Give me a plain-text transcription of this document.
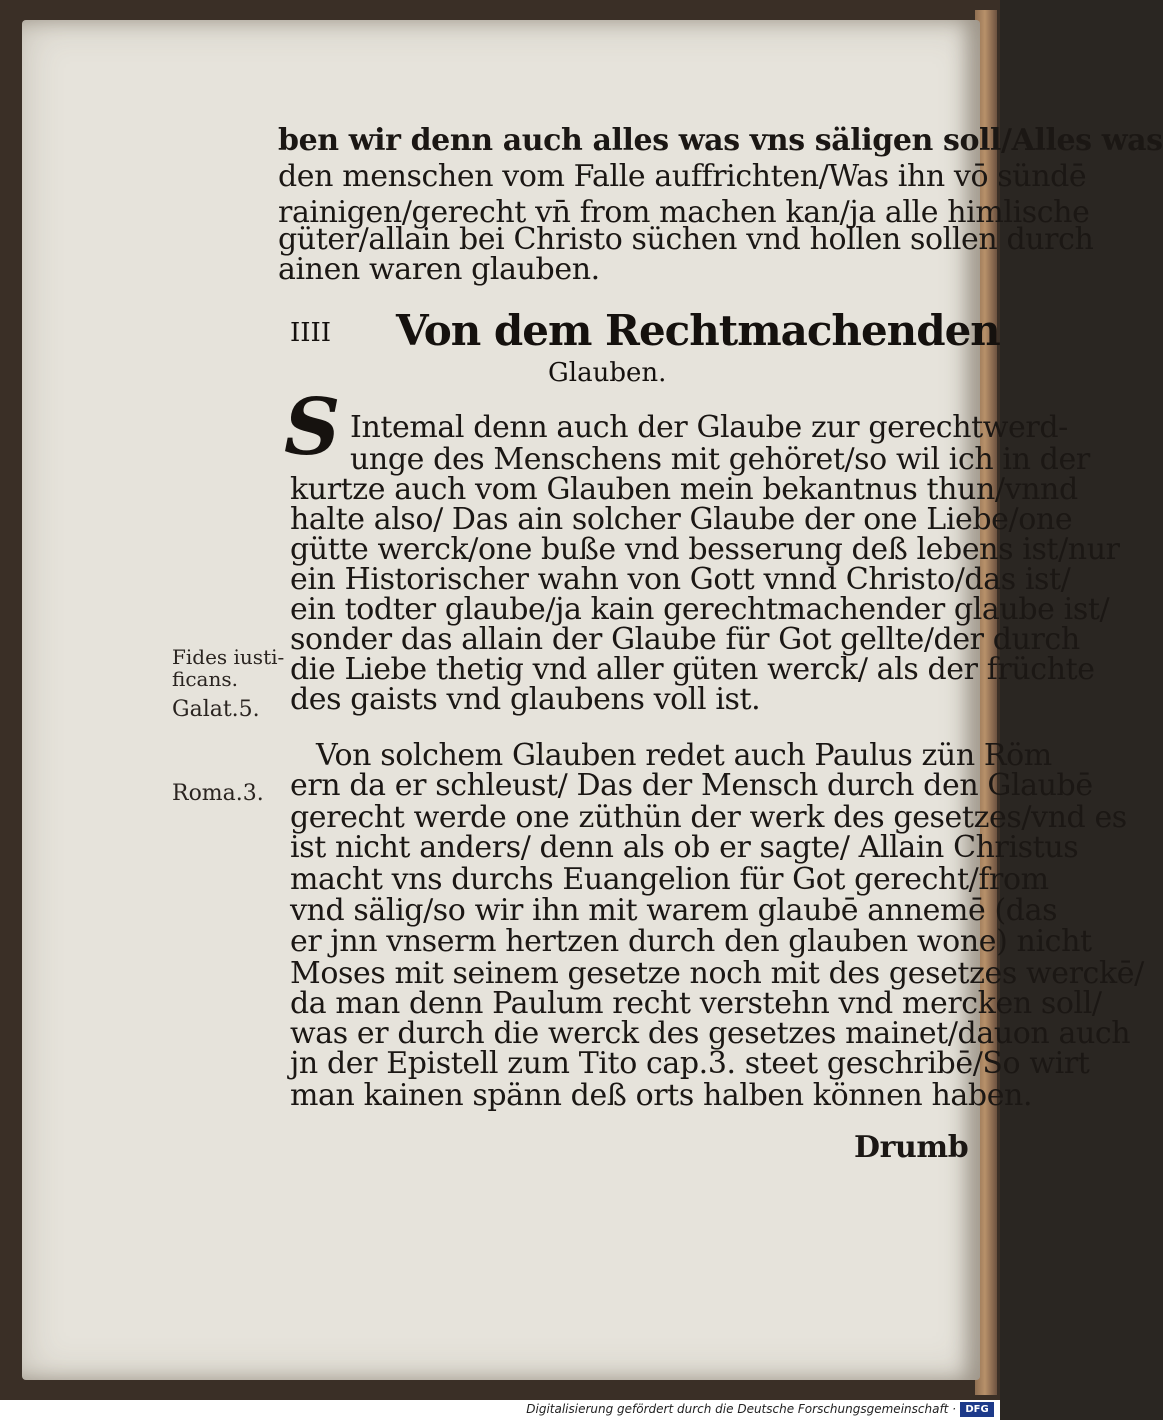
ben wir denn auch alles was vns säligen soll/Alles was
den menschen vom Falle auffrichten/Was ihn vō sündē
rainigen/gerecht vn̄ from machen kan/ja alle himlische
güter/allain bei Christo süchen vnd hollen sollen durch
ainen waren glauben.
IIII Von dem Rechtmachenden
Glauben.
S Intemal denn auch der Glaube zur gerechtwerd-
unge des Menschens mit gehöret/so wil ich in der
kurtze auch vom Glauben mein bekantnus thun/vnnd
halte also/ Das ain solcher Glaube der one Liebe/one
gütte werck/one buße vnd besserung deß lebens ist/nur
ein Historischer wahn von Gott vnnd Christo/das ist/
ein todter glaube/ja kain gerechtmachender glaube ist/
sonder das allain der Glaube für Got gellte/der durch
die Liebe thetig vnd aller güten werck/ als der früchte
des gaists vnd glaubens voll ist.
Von solchem Glauben redet auch Paulus zün Röm
ern da er schleust/ Das der Mensch durch den Glaubē
gerecht werde one züthün der werk des gesetzes/vnd es
ist nicht anders/ denn als ob er sagte/ Allain Christus
macht vns durchs Euangelion für Got gerecht/from
vnd sälig/so wir ihn mit warem glaubē annemē (das
er jnn vnserm hertzen durch den glauben wone) nicht
Moses mit seinem gesetze noch mit des gesetzes werckē/
da man denn Paulum recht verstehn vnd mercken soll/
was er durch die werck des gesetzes mainet/dauon auch
jn der Epistell zum Tito cap.3. steet geschribē/So wirt
man kainen spänn deß orts halben können haben.
Drumb
Fides iusti-
ficans.
Galat.5.
Roma.3.
Digitalisierung gefördert durch die Deutsche Forschungsgemeinschaft · DFG
